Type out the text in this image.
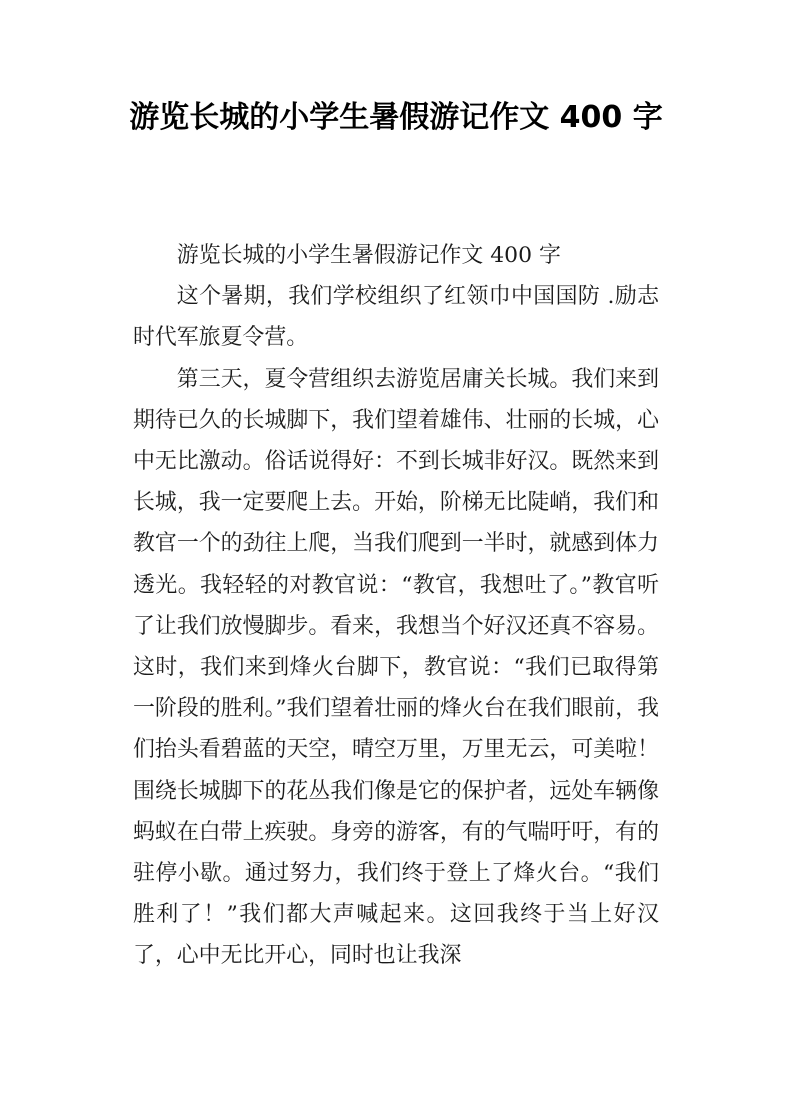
游览长城的小学生暑假游记作文 400 字

游览长城的小学生暑假游记作文 400 字

这个暑期，我们学校组织了红领巾中国国防 .励志时代军旅夏令营。

第三天，夏令营组织去游览居庸关长城。我们来到期待已久的长城脚下，我们望着雄伟、壮丽的长城，心中无比激动。俗话说得好：不到长城非好汉。既然来到长城，我一定要爬上去。开始，阶梯无比陡峭，我们和教官一个的劲往上爬，当我们爬到一半时，就感到体力透光。我轻轻的对教官说：“教官，我想吐了。”教官听了让我们放慢脚步。看来，我想当个好汉还真不容易。这时，我们来到烽火台脚下，教官说：“我们已取得第一阶段的胜利。”我们望着壮丽的烽火台在我们眼前，我们抬头看碧蓝的天空，晴空万里，万里无云，可美啦！围绕长城脚下的花丛我们像是它的保护者，远处车辆像蚂蚁在白带上疾驶。身旁的游客，有的气喘吁吁，有的驻停小歇。通过努力，我们终于登上了烽火台。“我们胜利了！”我们都大声喊起来。这回我终于当上好汉了，心中无比开心，同时也让我深
